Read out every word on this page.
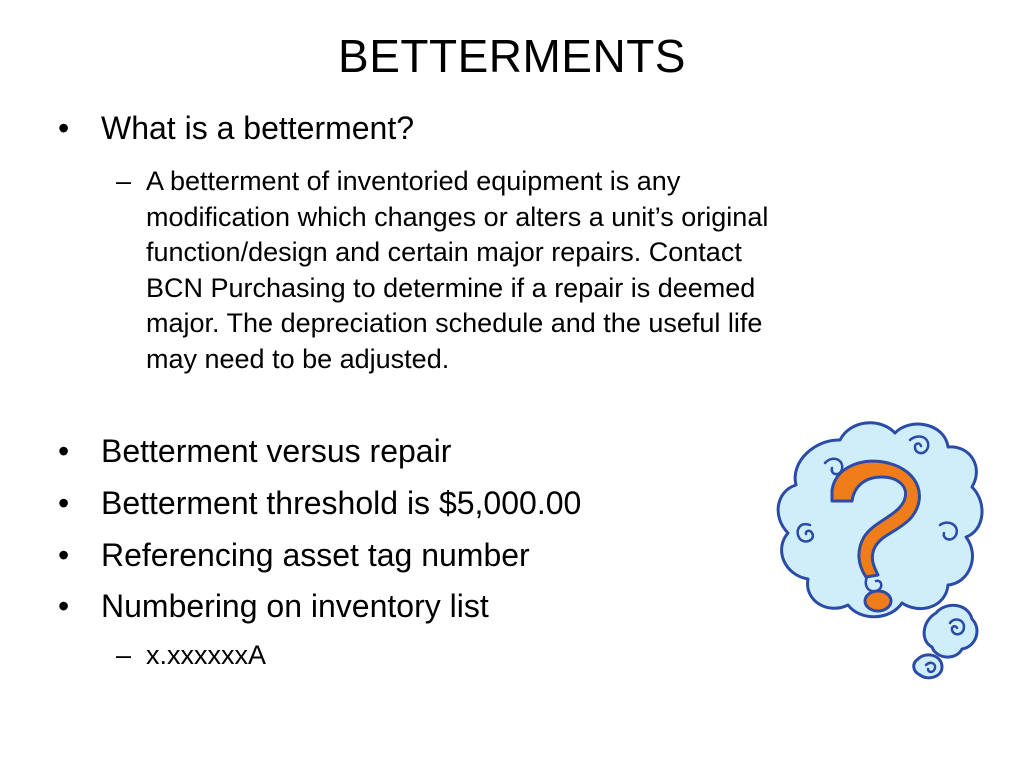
BETTERMENTS
• What is a betterment?
– A betterment of inventoried equipment is any
modification which changes or alters a unit’s original
function/design and certain major repairs. Contact
BCN Purchasing to determine if a repair is deemed
major. The depreciation schedule and the useful life
may need to be adjusted.
• Betterment versus repair
• Betterment threshold is $5,000.00
• Referencing asset tag number
• Numbering on inventory list
– x.xxxxxxA
